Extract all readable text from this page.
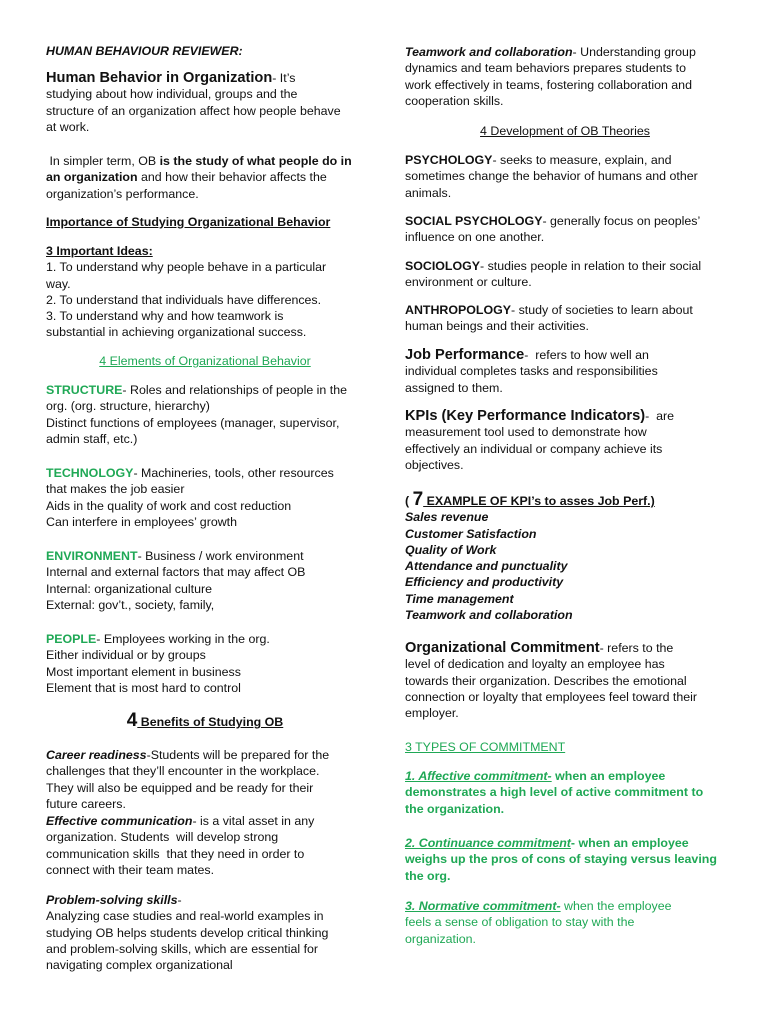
HUMAN BEHAVIOUR REVIEWER:
Human Behavior in Organization- It’s
studying about how individual, groups and the
structure of an organization affect how people behave
at work.
In simpler term, OB is the study of what people do in
an organization and how their behavior affects the
organization’s performance.
Importance of Studying Organizational Behavior
3 Important Ideas:
1. To understand why people behave in a particular
way.
2. To understand that individuals have differences.
3. To understand why and how teamwork is
substantial in achieving organizational success.
4 Elements of Organizational Behavior
STRUCTURE- Roles and relationships of people in the
org. (org. structure, hierarchy)
Distinct functions of employees (manager, supervisor,
admin staff, etc.)
TECHNOLOGY- Machineries, tools, other resources
that makes the job easier
Aids in the quality of work and cost reduction
Can interfere in employees’ growth
ENVIRONMENT- Business / work environment
Internal and external factors that may affect OB
Internal: organizational culture
External: gov’t., society, family,
PEOPLE- Employees working in the org.
Either individual or by groups
Most important element in business
Element that is most hard to control
4 Benefits of Studying OB
Career readiness-Students will be prepared for the
challenges that they’ll encounter in the workplace.
They will also be equipped and be ready for their
future careers.
Effective communication- is a vital asset in any
organization. Students  will develop strong
communication skills  that they need in order to
connect with their team mates.
Problem-solving skills-
Analyzing case studies and real-world examples in
studying OB helps students develop critical thinking
and problem-solving skills, which are essential for
navigating complex organizational
Teamwork and collaboration- Understanding group
dynamics and team behaviors prepares students to
work effectively in teams, fostering collaboration and
cooperation skills.
4 Development of OB Theories
PSYCHOLOGY- seeks to measure, explain, and
sometimes change the behavior of humans and other
animals.
SOCIAL PSYCHOLOGY- generally focus on peoples’
influence on one another.
SOCIOLOGY- studies people in relation to their social
environment or culture.
ANTHROPOLOGY- study of societies to learn about
human beings and their activities.
Job Performance-  refers to how well an
individual completes tasks and responsibilities
assigned to them.
KPIs (Key Performance Indicators)-  are
measurement tool used to demonstrate how
effectively an individual or company achieve its
objectives.
( 7 EXAMPLE OF KPI’s to asses Job Perf.)
Sales revenue
Customer Satisfaction
Quality of Work
Attendance and punctuality
Efficiency and productivity
Time management
Teamwork and collaboration
Organizational Commitment- refers to the
level of dedication and loyalty an employee has
towards their organization. Describes the emotional
connection or loyalty that employees feel toward their
employer.
3 TYPES OF COMMITMENT
1. Affective commitment- when an employee
demonstrates a high level of active commitment to
the organization.
2. Continuance commitment- when an employee
weighs up the pros of cons of staying versus leaving
the org.
3. Normative commitment- when the employee
feels a sense of obligation to stay with the
organization.
